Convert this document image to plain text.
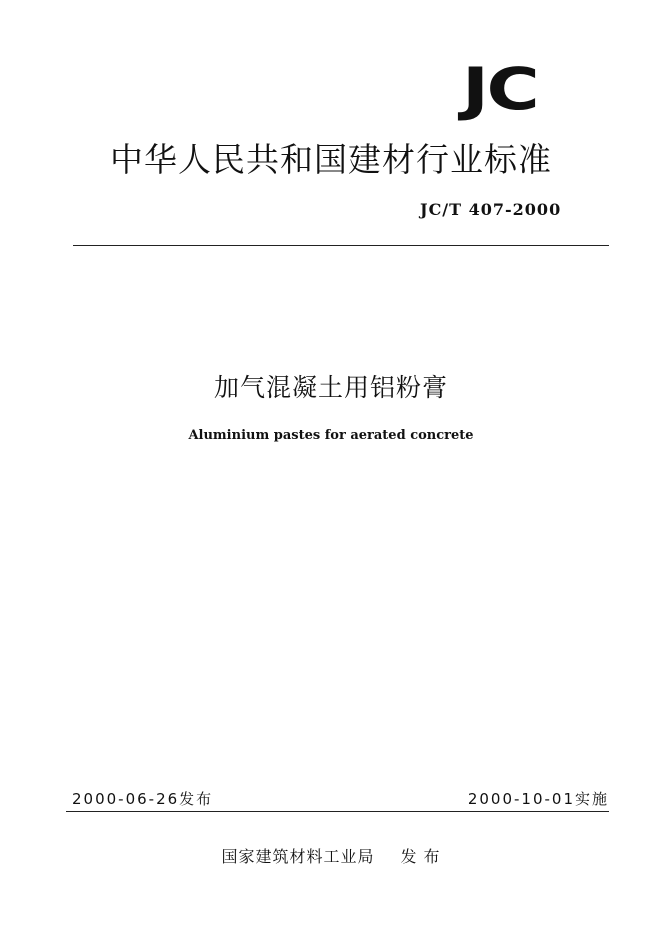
JC
中华人民共和国建材行业标准
JC/T 407-2000
加气混凝土用铝粉膏
Aluminium pastes for aerated concrete
2000-06-26发布	2000-10-01实施
国家建筑材料工业局 发 布
